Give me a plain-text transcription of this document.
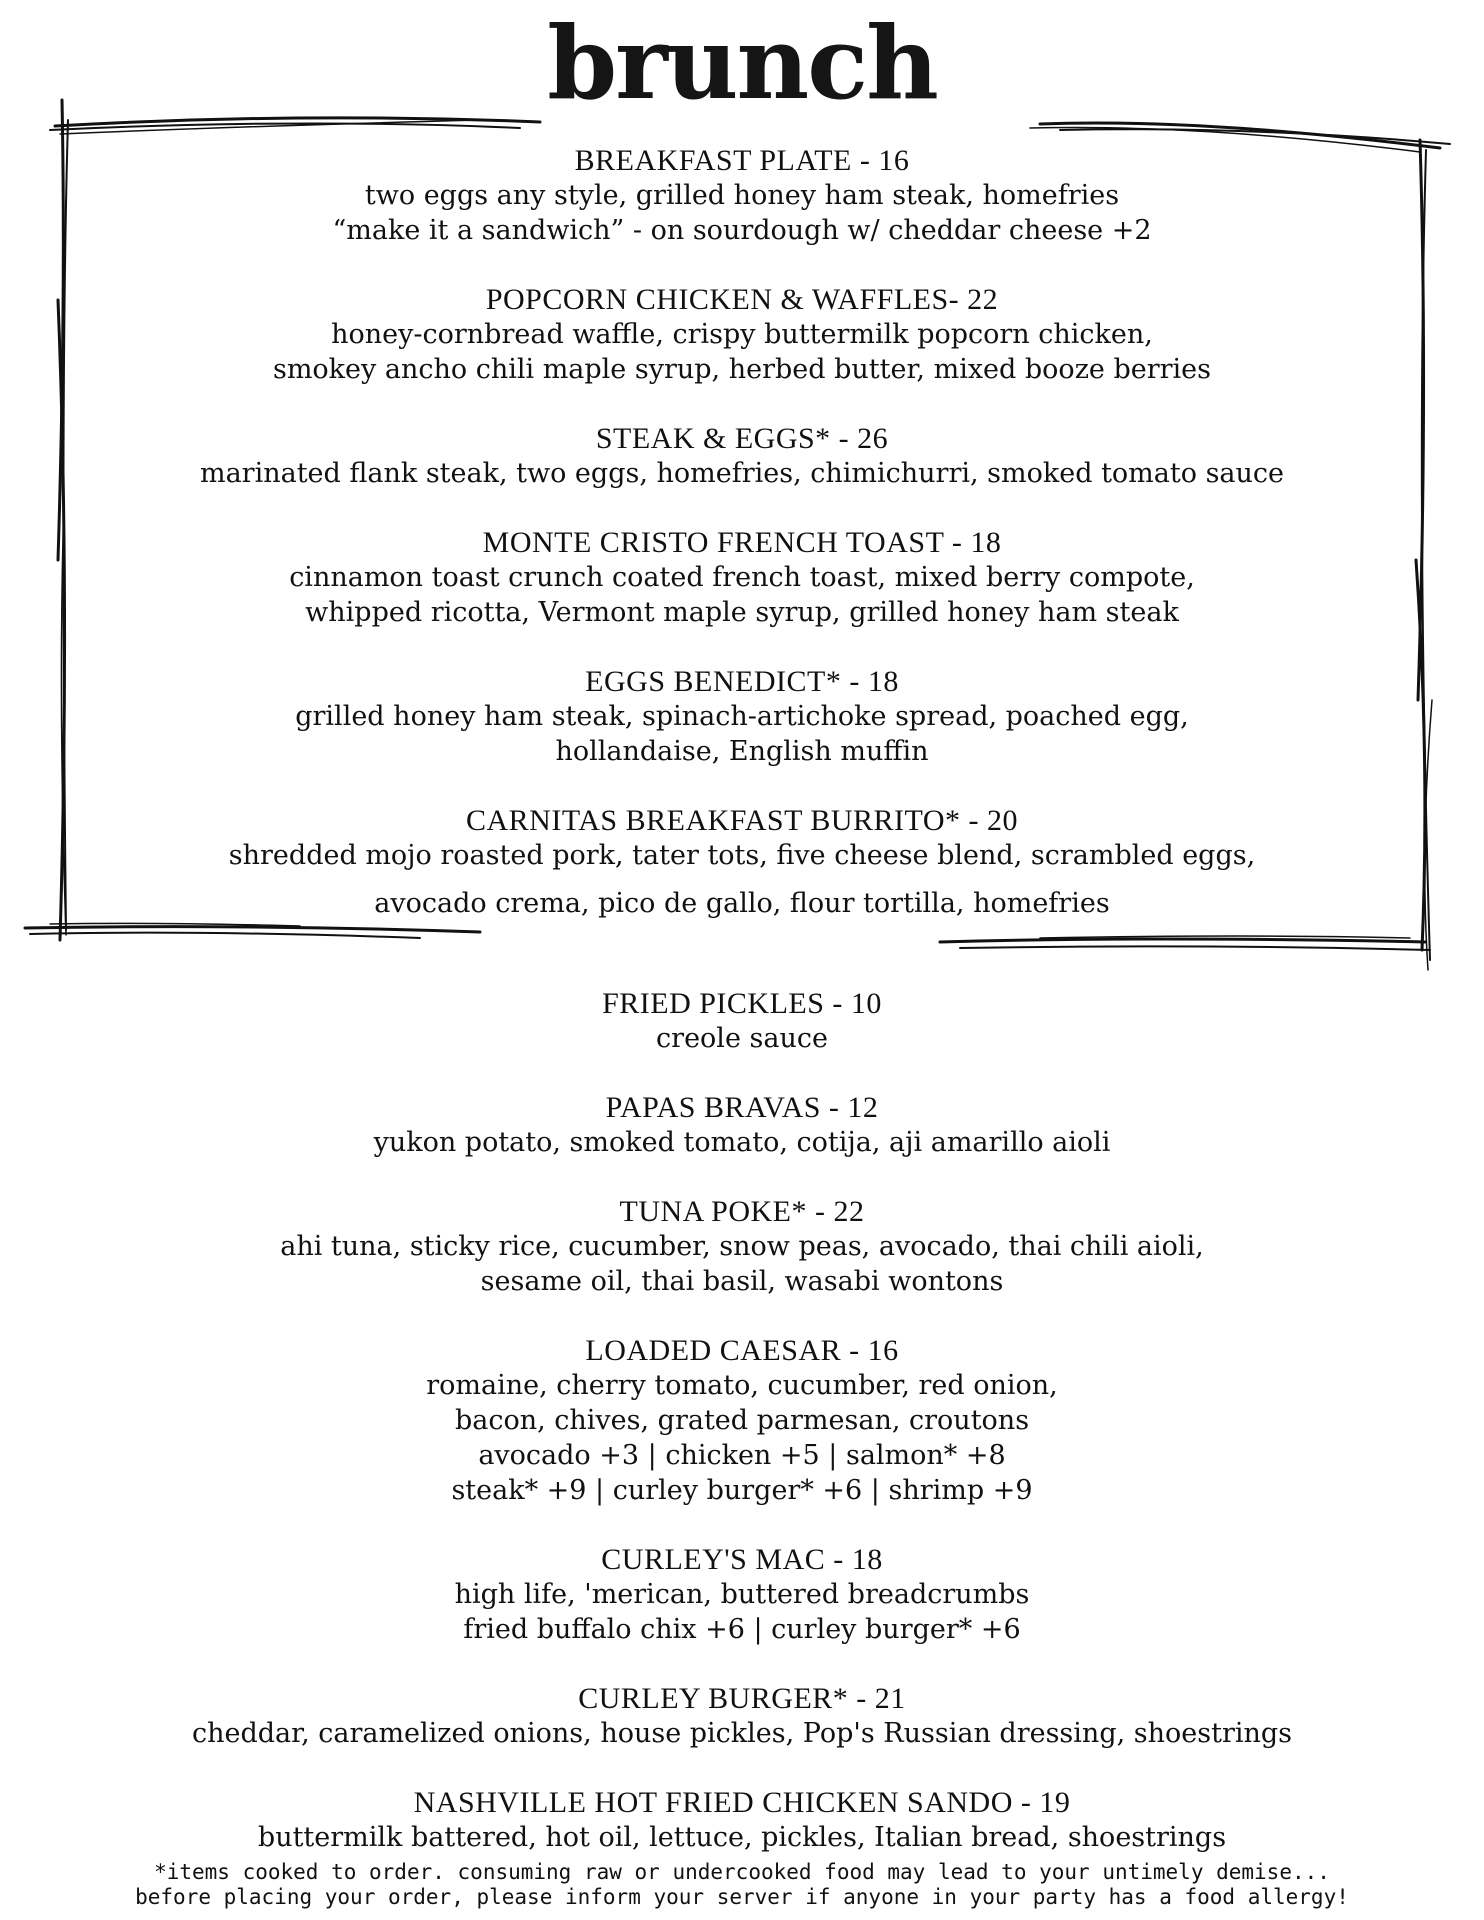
brunch
BREAKFAST PLATE - 16
two eggs any style, grilled honey ham steak, homefries
“make it a sandwich” - on sourdough w/ cheddar cheese +2
POPCORN CHICKEN & WAFFLES- 22
honey-cornbread waffle, crispy buttermilk popcorn chicken,
smokey ancho chili maple syrup, herbed butter, mixed booze berries
STEAK & EGGS* - 26
marinated flank steak, two eggs, homefries, chimichurri, smoked tomato sauce
MONTE CRISTO FRENCH TOAST - 18
cinnamon toast crunch coated french toast, mixed berry compote,
whipped ricotta, Vermont maple syrup, grilled honey ham steak
EGGS BENEDICT* - 18
grilled honey ham steak, spinach-artichoke spread, poached egg,
hollandaise, English muffin
CARNITAS BREAKFAST BURRITO* - 20
shredded mojo roasted pork, tater tots, five cheese blend, scrambled eggs,
avocado crema, pico de gallo, flour tortilla, homefries
FRIED PICKLES - 10
creole sauce
PAPAS BRAVAS - 12
yukon potato, smoked tomato, cotija, aji amarillo aioli
TUNA POKE* - 22
ahi tuna, sticky rice, cucumber, snow peas, avocado, thai chili aioli,
sesame oil, thai basil, wasabi wontons
LOADED CAESAR - 16
romaine, cherry tomato, cucumber, red onion,
bacon, chives, grated parmesan, croutons
avocado +3 | chicken +5 | salmon* +8
steak* +9 | curley burger* +6 | shrimp +9
CURLEY'S MAC - 18
high life, 'merican, buttered breadcrumbs
fried buffalo chix +6 | curley burger* +6
CURLEY BURGER* - 21
cheddar, caramelized onions, house pickles, Pop's Russian dressing, shoestrings
NASHVILLE HOT FRIED CHICKEN SANDO - 19
buttermilk battered, hot oil, lettuce, pickles, Italian bread, shoestrings
*items cooked to order. consuming raw or undercooked food may lead to your untimely demise...
before placing your order, please inform your server if anyone in your party has a food allergy!
